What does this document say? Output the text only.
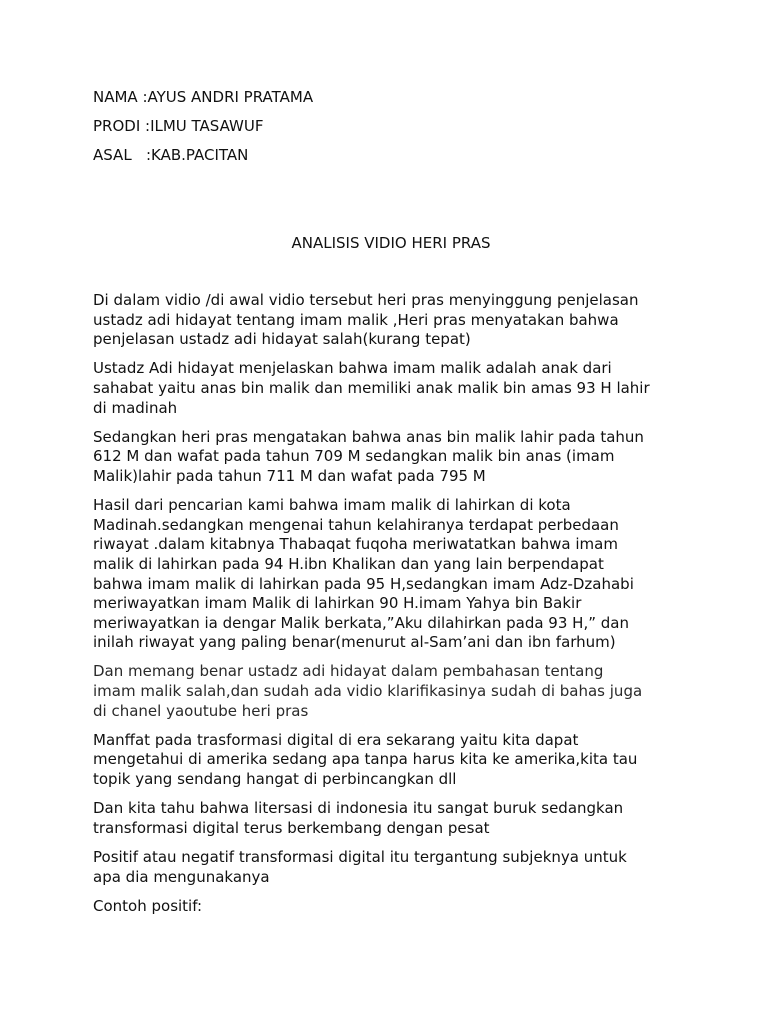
NAMA :AYUS ANDRI PRATAMA
PRODI :ILMU TASAWUF
ASAL   :KAB.PACITAN
ANALISIS VIDIO HERI PRAS

Di dalam vidio /di awal vidio tersebut heri pras menyinggung penjelasan
ustadz adi hidayat tentang imam malik ,Heri pras menyatakan bahwa
penjelasan ustadz adi hidayat salah(kurang tepat)

Ustadz Adi hidayat menjelaskan bahwa imam malik adalah anak dari
sahabat yaitu anas bin malik dan memiliki anak malik bin amas 93 H lahir
di madinah

Sedangkan heri pras mengatakan bahwa anas bin malik lahir pada tahun
612 M dan wafat pada tahun 709 M sedangkan malik bin anas (imam
Malik)lahir pada tahun 711 M dan wafat pada 795 M

Hasil dari pencarian kami bahwa imam malik di lahirkan di kota
Madinah.sedangkan mengenai tahun kelahiranya terdapat perbedaan
riwayat .dalam kitabnya Thabaqat fuqoha meriwatatkan bahwa imam
malik di lahirkan pada 94 H.ibn Khalikan dan yang lain berpendapat
bahwa imam malik di lahirkan pada 95 H,sedangkan imam Adz-Dzahabi
meriwayatkan imam Malik di lahirkan 90 H.imam Yahya bin Bakir
meriwayatkan ia dengar Malik berkata,”Aku dilahirkan pada 93 H,” dan
inilah riwayat yang paling benar(menurut al-Sam’ani dan ibn farhum)

Dan memang benar ustadz adi hidayat dalam pembahasan tentang
imam malik salah,dan sudah ada vidio klarifikasinya sudah di bahas juga
di chanel yaoutube heri pras

Manffat pada trasformasi digital di era sekarang yaitu kita dapat
mengetahui di amerika sedang apa tanpa harus kita ke amerika,kita tau
topik yang sendang hangat di perbincangkan dll

Dan kita tahu bahwa litersasi di indonesia itu sangat buruk sedangkan
transformasi digital terus berkembang dengan pesat

Positif atau negatif transformasi digital itu tergantung subjeknya untuk
apa dia mengunakanya

Contoh positif:
